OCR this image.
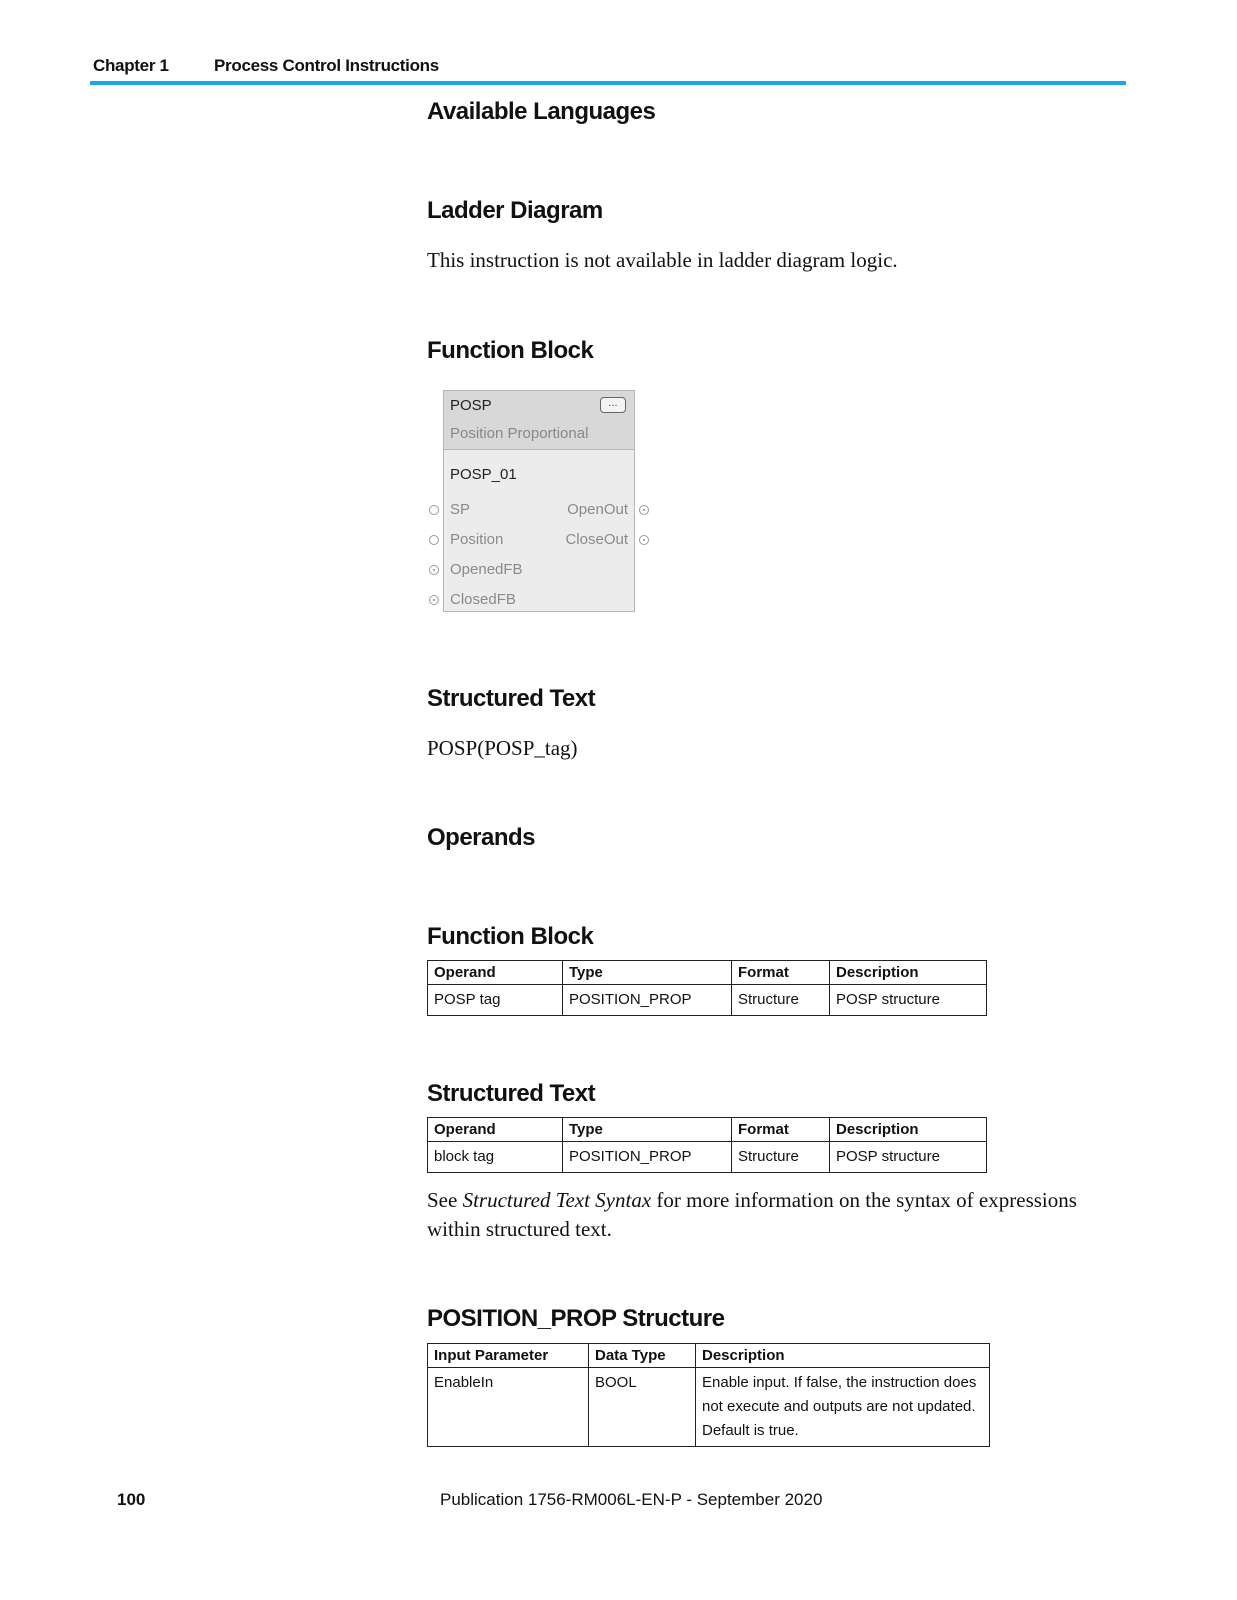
Chapter 1	Process Control Instructions
Available Languages
Ladder Diagram

This instruction is not available in ladder diagram logic.

Function Block
POSP
Position Proportional
...
POSP_01
SP
Position
OpenedFB
ClosedFB
OpenOut
CloseOut
Structured Text

POSP(POSP_tag)

Operands
Function Block
Operand	Type	Format	Description
POSP tag	POSITION_PROP	Structure	POSP structure
Structured Text
Operand	Type	Format	Description
block tag	POSITION_PROP	Structure	POSP structure

See Structured Text Syntax for more information on the syntax of expressions within structured text.

POSITION_PROP Structure
Input Parameter	Data Type	Description
EnableIn	BOOL	Enable input. If false, the instruction does not execute and outputs are not updated.
Default is true.
100	Publication 1756-RM006L-EN-P - September 2020
